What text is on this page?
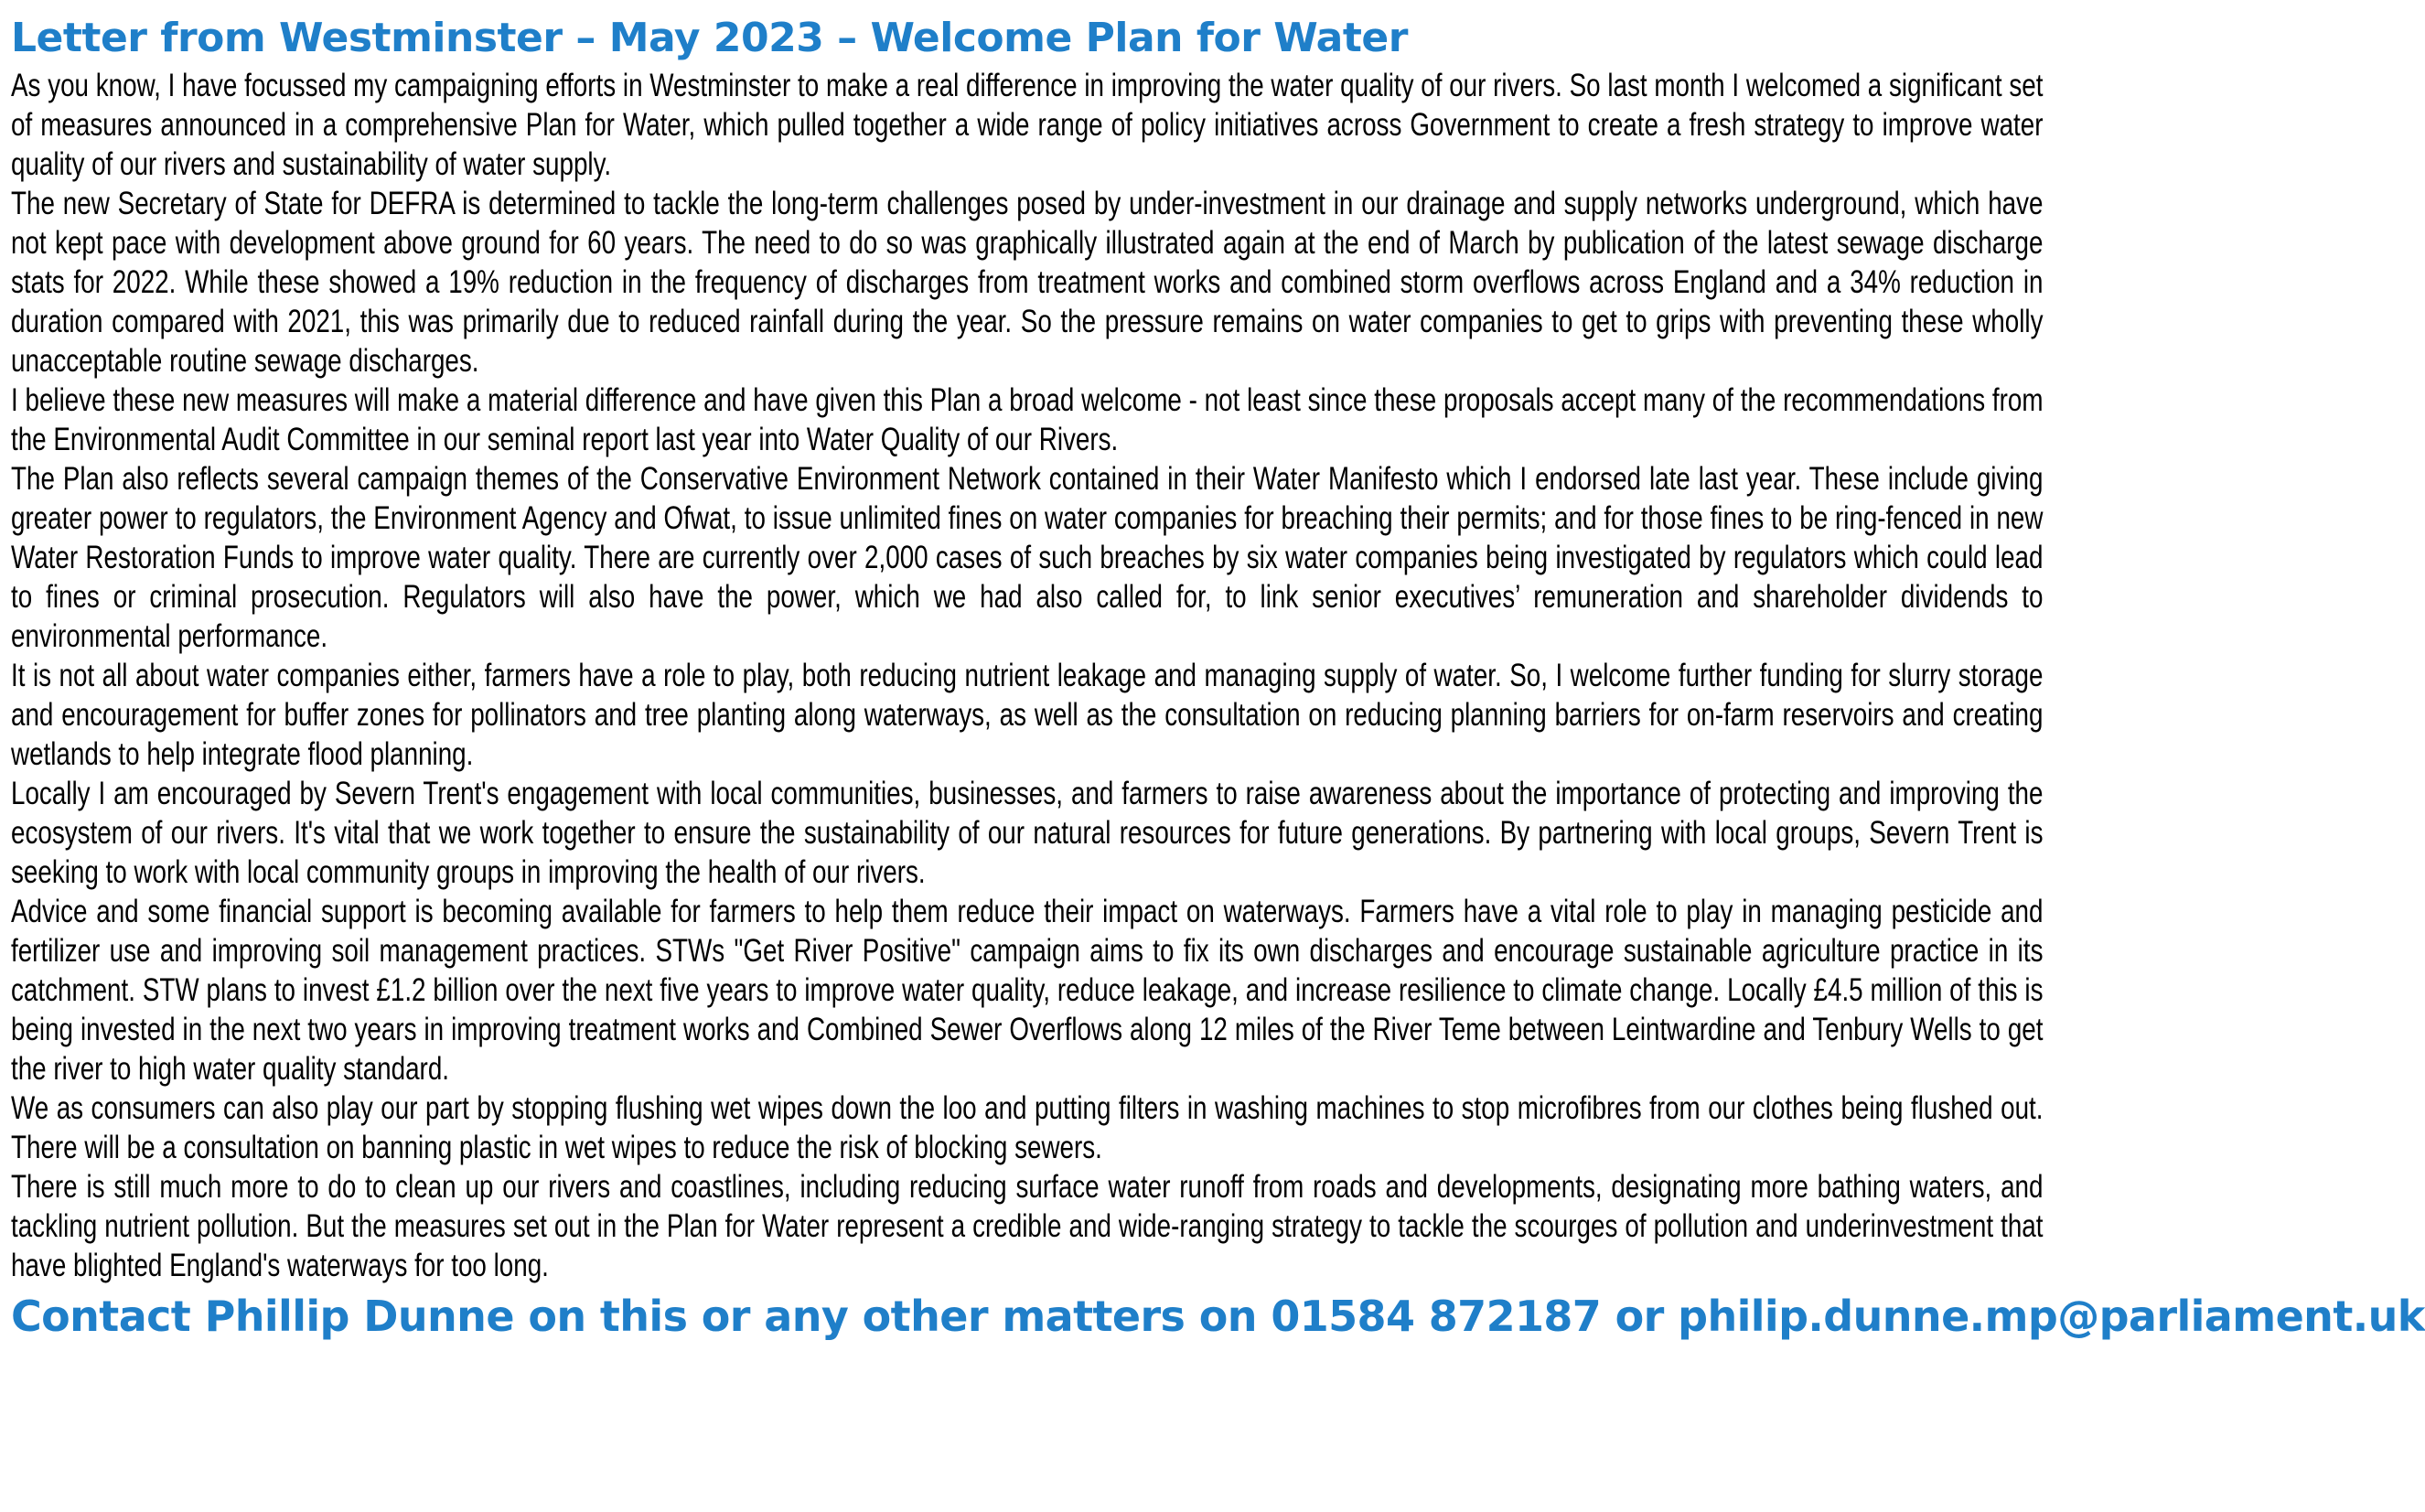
Letter from Westminster – May 2023 – Welcome Plan for Water

As you know, I have focussed my campaigning efforts in Westminster to make a real difference in improving the water quality of our rivers. So last month I welcomed a significant set of measures announced in a comprehensive Plan for Water, which pulled together a wide range of policy initiatives across Government to create a fresh strategy to improve water quality of our rivers and sustainability of water supply.

The new Secretary of State for DEFRA is determined to tackle the long-term challenges posed by under-investment in our drainage and supply networks underground, which have not kept pace with development above ground for 60 years. The need to do so was graphically illustrated again at the end of March by publication of the latest sewage discharge stats for 2022. While these showed a 19% reduction in the frequency of discharges from treatment works and combined storm overflows across England and a 34% reduction in duration compared with 2021, this was primarily due to reduced rainfall during the year. So the pressure remains on water companies to get to grips with preventing these wholly unacceptable routine sewage discharges.

I believe these new measures will make a material difference and have given this Plan a broad welcome - not least since these proposals accept many of the recommendations from the Environmental Audit Committee in our seminal report last year into Water Quality of our Rivers.

The Plan also reflects several campaign themes of the Conservative Environment Network contained in their Water Manifesto which I endorsed late last year. These include giving greater power to regulators, the Environment Agency and Ofwat, to issue unlimited fines on water companies for breaching their permits; and for those fines to be ring-fenced in new Water Restoration Funds to improve water quality. There are currently over 2,000 cases of such breaches by six water companies being investigated by regulators which could lead to fines or criminal prosecution. Regulators will also have the power, which we had also called for, to link senior executives’ remuneration and shareholder dividends to environmental performance.

It is not all about water companies either, farmers have a role to play, both reducing nutrient leakage and managing supply of water. So, I welcome further funding for slurry storage and encouragement for buffer zones for pollinators and tree planting along waterways, as well as the consultation on reducing planning barriers for on-farm reservoirs and creating wetlands to help integrate flood planning.

Locally I am encouraged by Severn Trent's engagement with local communities, businesses, and farmers to raise awareness about the importance of protecting and improving the ecosystem of our rivers. It's vital that we work together to ensure the sustainability of our natural resources for future generations. By partnering with local groups, Severn Trent is seeking to work with local community groups in improving the health of our rivers.

Advice and some financial support is becoming available for farmers to help them reduce their impact on waterways. Farmers have a vital role to play in managing pesticide and fertilizer use and improving soil management practices. STWs "Get River Positive" campaign aims to fix its own discharges and encourage sustainable agriculture practice in its catchment. STW plans to invest £1.2 billion over the next five years to improve water quality, reduce leakage, and increase resilience to climate change. Locally £4.5 million of this is being invested in the next two years in improving treatment works and Combined Sewer Overflows along 12 miles of the River Teme between Leintwardine and Tenbury Wells to get the river to high water quality standard.

We as consumers can also play our part by stopping flushing wet wipes down the loo and putting filters in washing machines to stop microfibres from our clothes being flushed out. There will be a consultation on banning plastic in wet wipes to reduce the risk of blocking sewers.

There is still much more to do to clean up our rivers and coastlines, including reducing surface water runoff from roads and developments, designating more bathing waters, and tackling nutrient pollution. But the measures set out in the Plan for Water represent a credible and wide-ranging strategy to tackle the scourges of pollution and underinvestment that have blighted England's waterways for too long.

Contact Phillip Dunne on this or any other matters on 01584 872187 or philip.dunne.mp@parliament.uk
